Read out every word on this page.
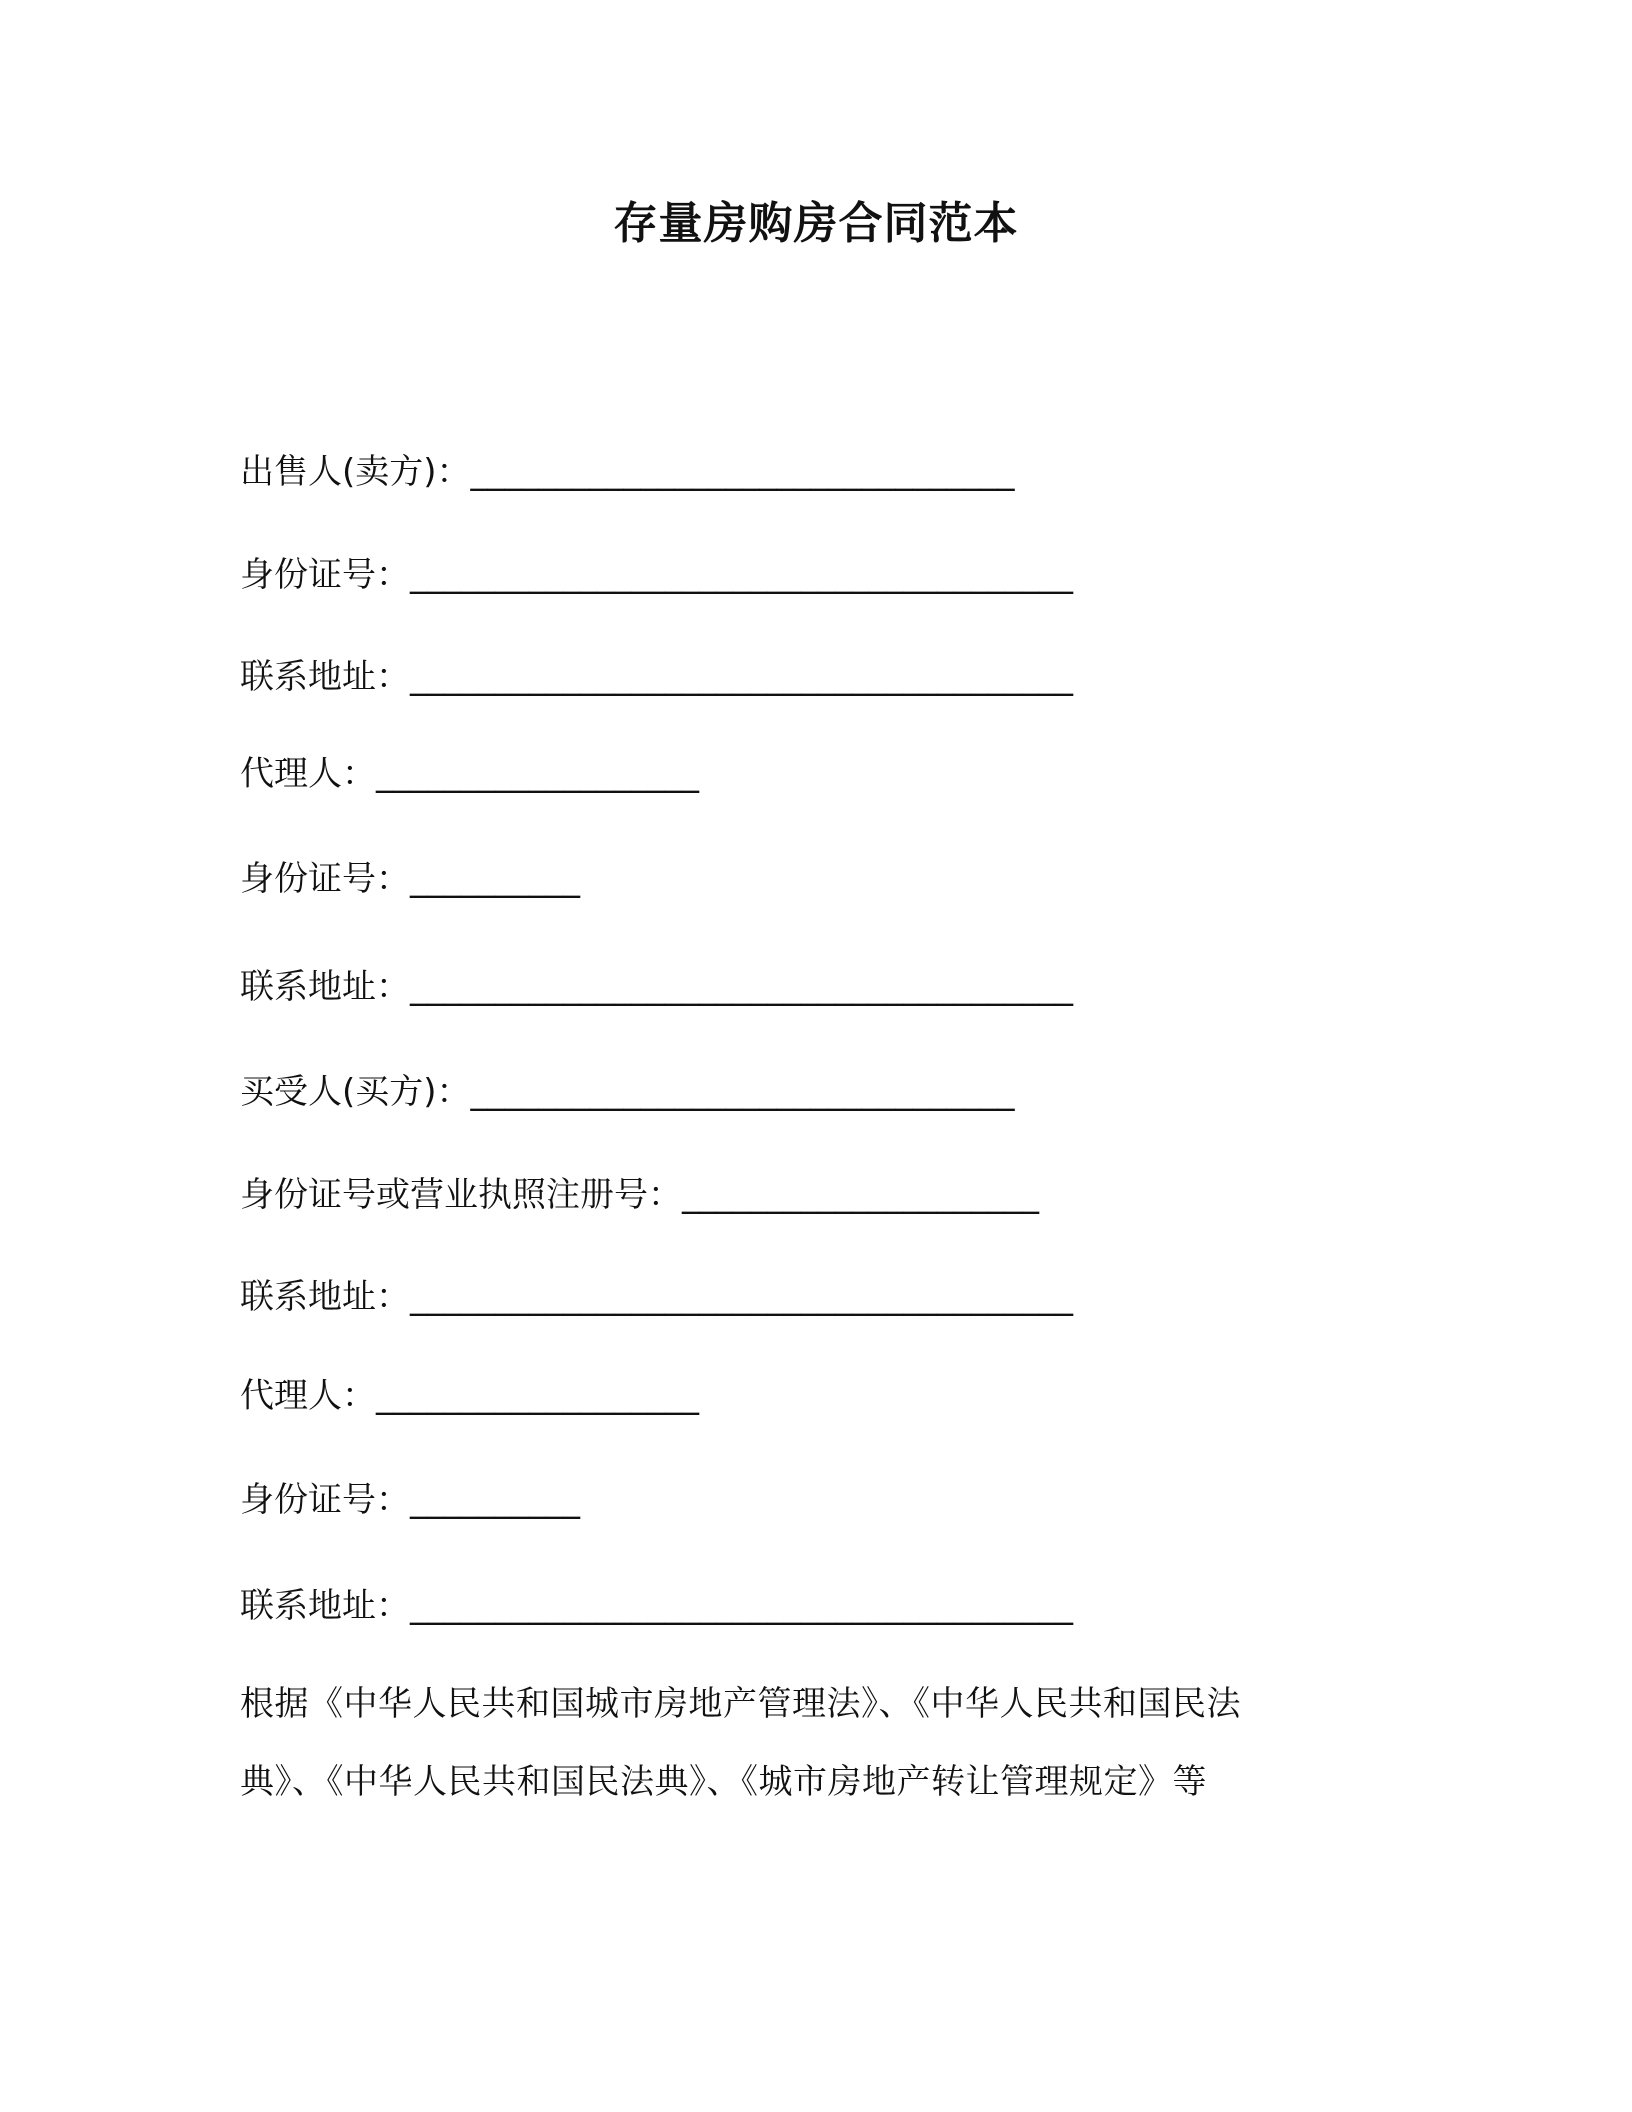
存量房购房合同范本
出售人(卖方)：________________________________
身份证号：_______________________________________
联系地址：_______________________________________
代理人：___________________
身份证号：__________
联系地址：_______________________________________
买受人(买方)：________________________________
身份证号或营业执照注册号：_____________________
联系地址：_______________________________________
代理人：___________________
身份证号：__________
联系地址：_______________________________________
根据《中华人民共和国城市房地产管理法》、《中华人民共和国民法
典》、《中华人民共和国民法典》、《城市房地产转让管理规定》等
